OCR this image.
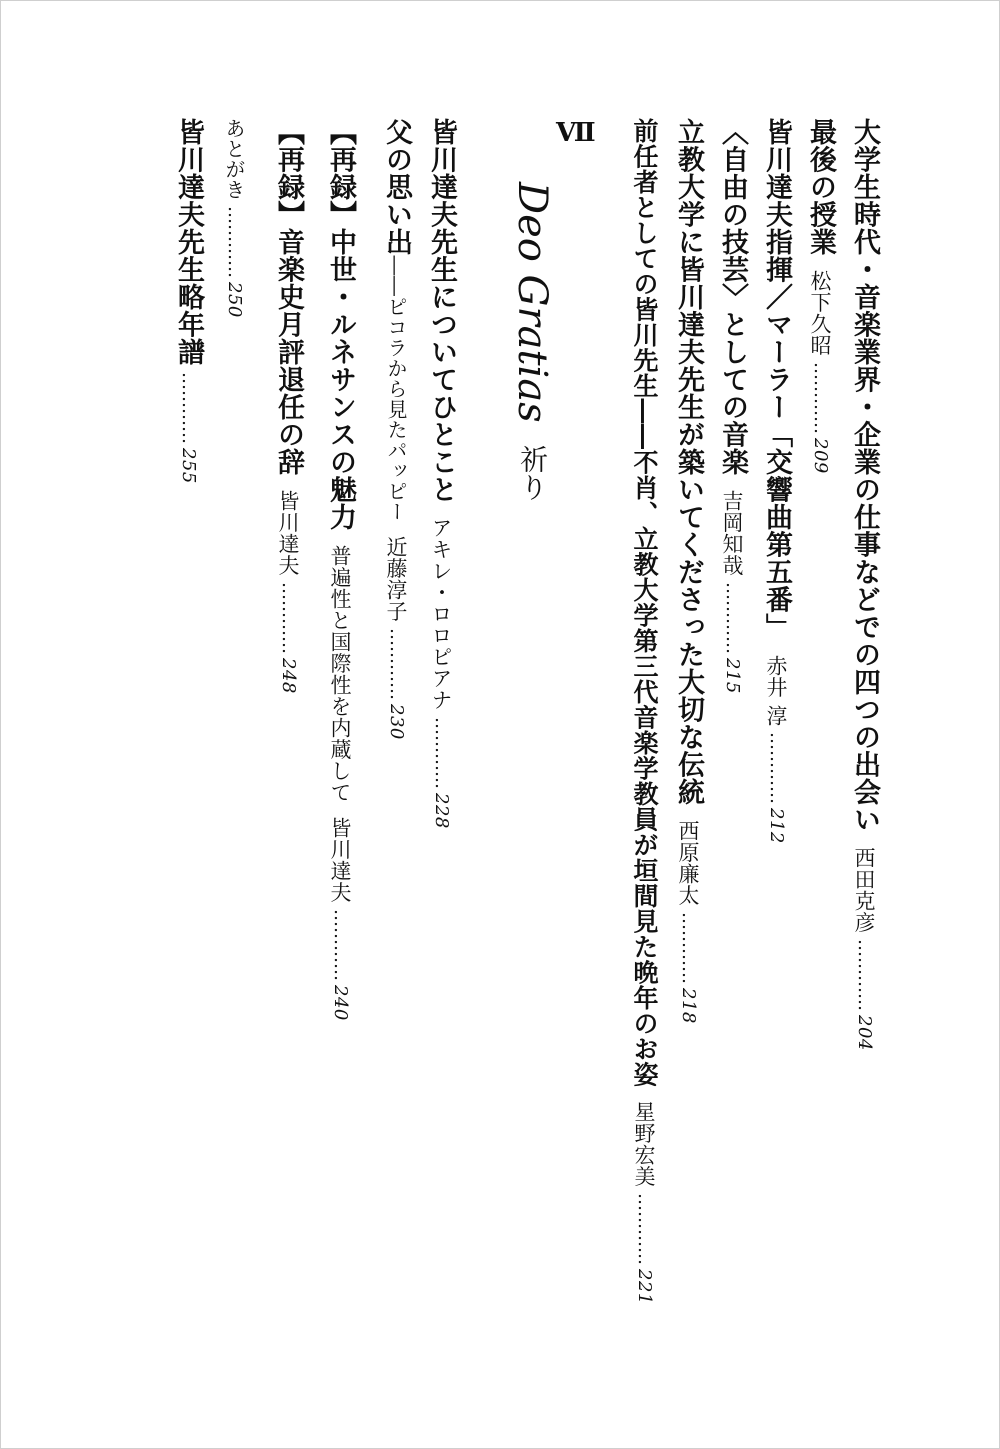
大学生時代・音楽業界・企業の仕事などでの四つの出会い西田克彦…………204
最後の授業松下久昭…………209
皆川達夫指揮／マーラー「交響曲第五番」赤井 淳…………212
〈自由の技芸〉としての音楽吉岡知哉…………215
立教大学に皆川達夫先生が築いてくださった大切な伝統西原廉太…………218
前任者としての皆川先生――不肖、立教大学第三代音楽学教員が垣間見た晩年のお姿星野宏美…………221
Ⅶ
Deo Gratias祈り
皆川達夫先生についてひとことアキレ・ロロピアナ…………228
父の思い出――ピコラから見たパッピー近藤淳子…………230
【再録】中世・ルネサンスの魅力普遍性と国際性を内蔵して皆川達夫…………240
【再録】音楽史月評退任の辞皆川達夫…………248
あとがき…………250
皆川達夫先生略年譜…………255
